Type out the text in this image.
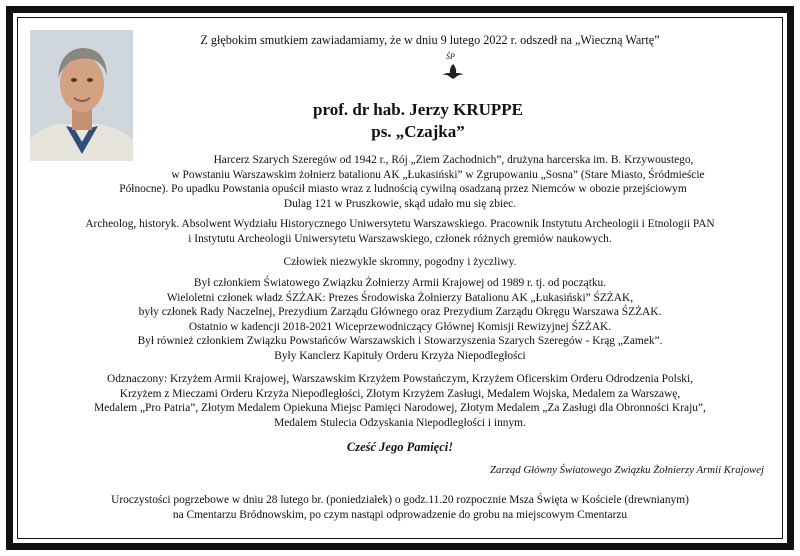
Z głębokim smutkiem zawiadamiamy, że w dniu 9 lutego 2022 r. odszedł na „Wieczną Wartę”
ŚP
prof. dr hab. Jerzy KRUPPE
ps. „Czajka”
Harcerz Szarych Szeregów od 1942 r., Rój „Ziem Zachodnich”, drużyna harcerska im. B. Krzywoustego,
w Powstaniu Warszawskim żołnierz batalionu AK „Łukasiński” w Zgrupowaniu „Sosna” (Stare Miasto, Śródmieście
Północne). Po upadku Powstania opuścił miasto wraz z ludnością cywilną osadzaną przez Niemców w obozie przejściowym
Dulag 121 w Pruszkowie, skąd udało mu się zbiec.
Archeolog, historyk. Absolwent Wydziału Historycznego Uniwersytetu Warszawskiego. Pracownik Instytutu Archeologii i Etnologii PAN
i Instytutu Archeologii Uniwersytetu Warszawskiego, członek różnych gremiów naukowych.
Człowiek niezwykle skromny, pogodny i życzliwy.
Był członkiem Światowego Związku Żołnierzy Armii Krajowej od 1989 r. tj. od początku.
Wieloletni członek władz ŚZŻAK: Prezes Środowiska Żołnierzy Batalionu AK „Łukasiński” ŚZŻAK,
były członek Rady Naczelnej, Prezydium Zarządu Głównego oraz Prezydium Zarządu Okręgu Warszawa ŚZŻAK.
Ostatnio w kadencji 2018-2021 Wiceprzewodniczący Głównej Komisji Rewizyjnej ŚZŻAK.
Był również członkiem Związku Powstańców Warszawskich i Stowarzyszenia Szarych Szeregów - Krąg „Zamek”.
Były Kanclerz Kapituły Orderu Krzyża Niepodległości
Odznaczony: Krzyżem Armii Krajowej, Warszawskim Krzyżem Powstańczym, Krzyżem Oficerskim Orderu Odrodzenia Polski,
Krzyżem z Mieczami Orderu Krzyża Niepodległości, Złotym Krzyżem Zasługi, Medalem Wojska, Medalem za Warszawę,
Medalem „Pro Patria”, Złotym Medalem Opiekuna Miejsc Pamięci Narodowej, Złotym Medalem „Za Zasługi dla Obronności Kraju”,
Medalem Stulecia Odzyskania Niepodległości i innym.
Cześć Jego Pamięci!
Zarząd Główny Światowego Związku Żołnierzy Armii Krajowej
Uroczystości pogrzebowe w dniu 28 lutego br. (poniedziałek) o godz.11.20 rozpocznie Msza Święta w Kościele (drewnianym)
na Cmentarzu Bródnowskim, po czym nastąpi odprowadzenie do grobu na miejscowym Cmentarzu
